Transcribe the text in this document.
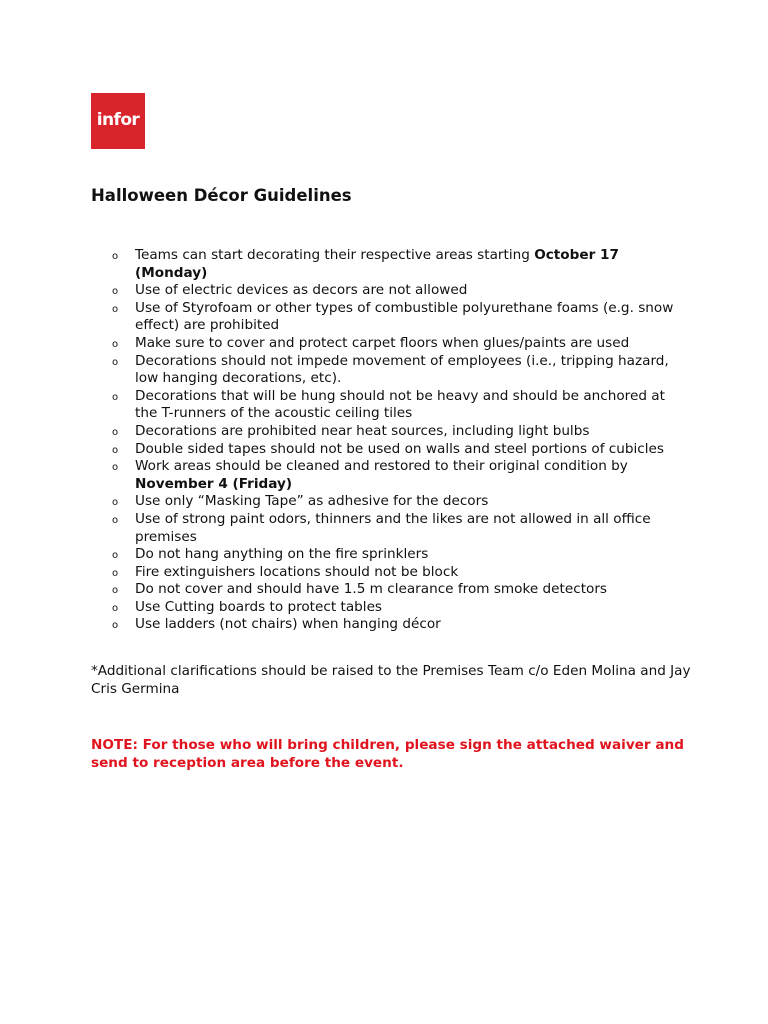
infor
Halloween Décor Guidelines
o Teams can start decorating their respective areas starting October 17 (Monday)
o Use of electric devices as decors are not allowed
o Use of Styrofoam or other types of combustible polyurethane foams (e.g. snow effect) are prohibited
o Make sure to cover and protect carpet floors when glues/paints are used
o Decorations should not impede movement of employees (i.e., tripping hazard, low hanging decorations, etc).
o Decorations that will be hung should not be heavy and should be anchored at the T-runners of the acoustic ceiling tiles
o Decorations are prohibited near heat sources, including light bulbs
o Double sided tapes should not be used on walls and steel portions of cubicles
o Work areas should be cleaned and restored to their original condition by November 4 (Friday)
o Use only “Masking Tape” as adhesive for the decors
o Use of strong paint odors, thinners and the likes are not allowed in all office premises
o Do not hang anything on the fire sprinklers
o Fire extinguishers locations should not be block
o Do not cover and should have 1.5 m clearance from smoke detectors
o Use Cutting boards to protect tables
o Use ladders (not chairs) when hanging décor

*Additional clarifications should be raised to the Premises Team c/o Eden Molina and Jay Cris Germina

NOTE: For those who will bring children, please sign the attached waiver and send to reception area before the event.
